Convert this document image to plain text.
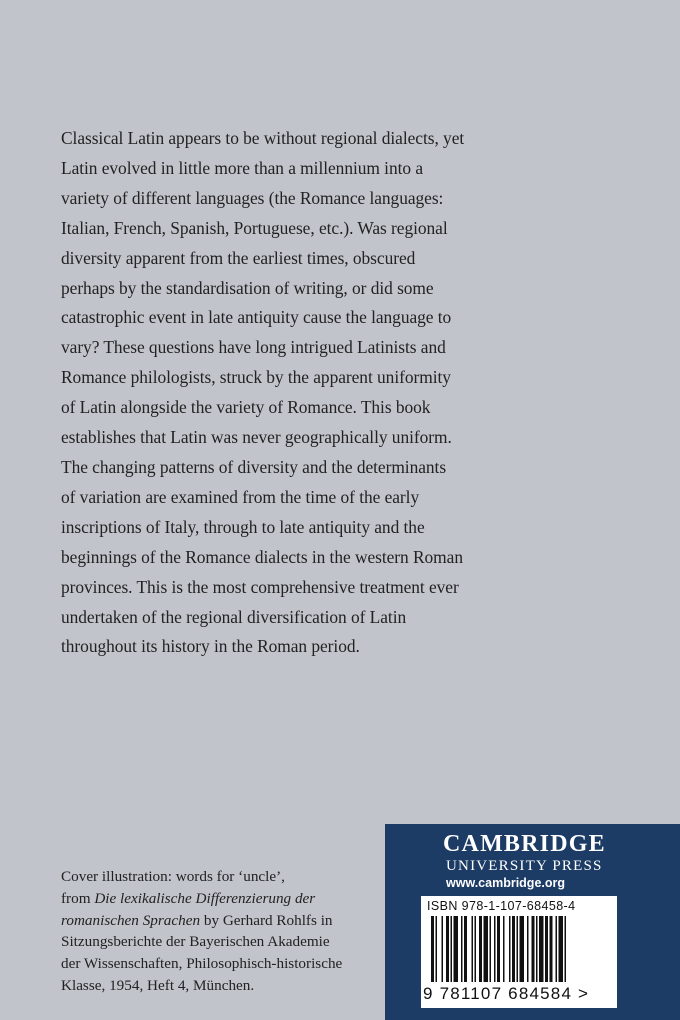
Classical Latin appears to be without regional dialects, yet
Latin evolved in little more than a millennium into a
variety of different languages (the Romance languages:
Italian, French, Spanish, Portuguese, etc.). Was regional
diversity apparent from the earliest times, obscured
perhaps by the standardisation of writing, or did some
catastrophic event in late antiquity cause the language to
vary? These questions have long intrigued Latinists and
Romance philologists, struck by the apparent uniformity
of Latin alongside the variety of Romance. This book
establishes that Latin was never geographically uniform.
The changing patterns of diversity and the determinants
of variation are examined from the time of the early
inscriptions of Italy, through to late antiquity and the
beginnings of the Romance dialects in the western Roman
provinces. This is the most comprehensive treatment ever
undertaken of the regional diversification of Latin
throughout its history in the Roman period.
Cover illustration: words for ‘uncle’,
from Die lexikalische Differenzierung der
romanischen Sprachen by Gerhard Rohlfs in
Sitzungsberichte der Bayerischen Akademie
der Wissenschaften, Philosophisch-historische
Klasse, 1954, Heft 4, München.
CAMBRIDGE
UNIVERSITY PRESS
www.cambridge.org
ISBN 978-1-107-68458-4
9 781107 684584 >
